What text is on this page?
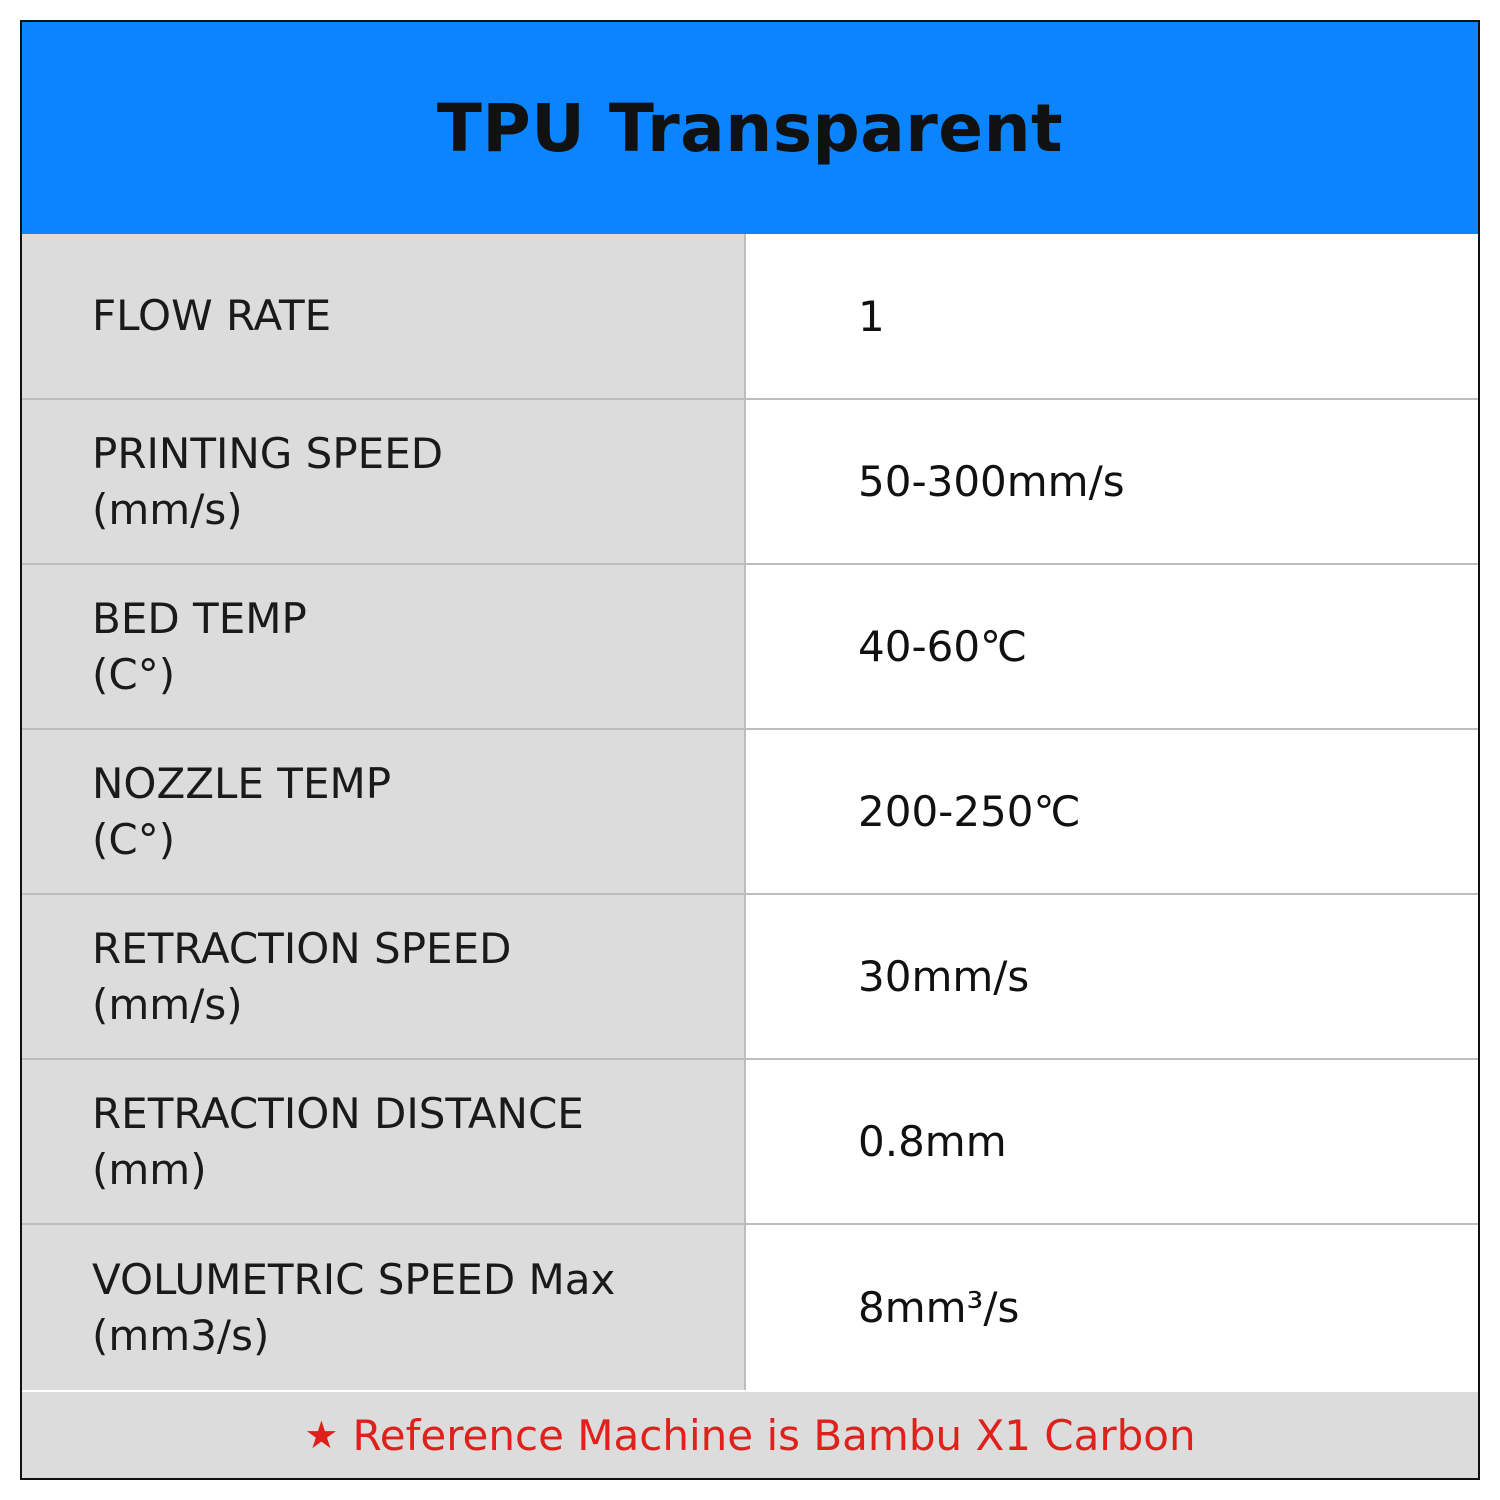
TPU Transparent
FLOW RATE	1
PRINTING SPEED
(mm/s)
50-300mm/s
BED TEMP
(C°)
40-60℃
NOZZLE TEMP
(C°)
200-250℃
RETRACTION SPEED
(mm/s)
30mm/s
RETRACTION DISTANCE
(mm)
0.8mm
VOLUMETRIC SPEED Max
(mm3/s)
8mm³/s
★ Reference Machine is Bambu X1 Carbon
